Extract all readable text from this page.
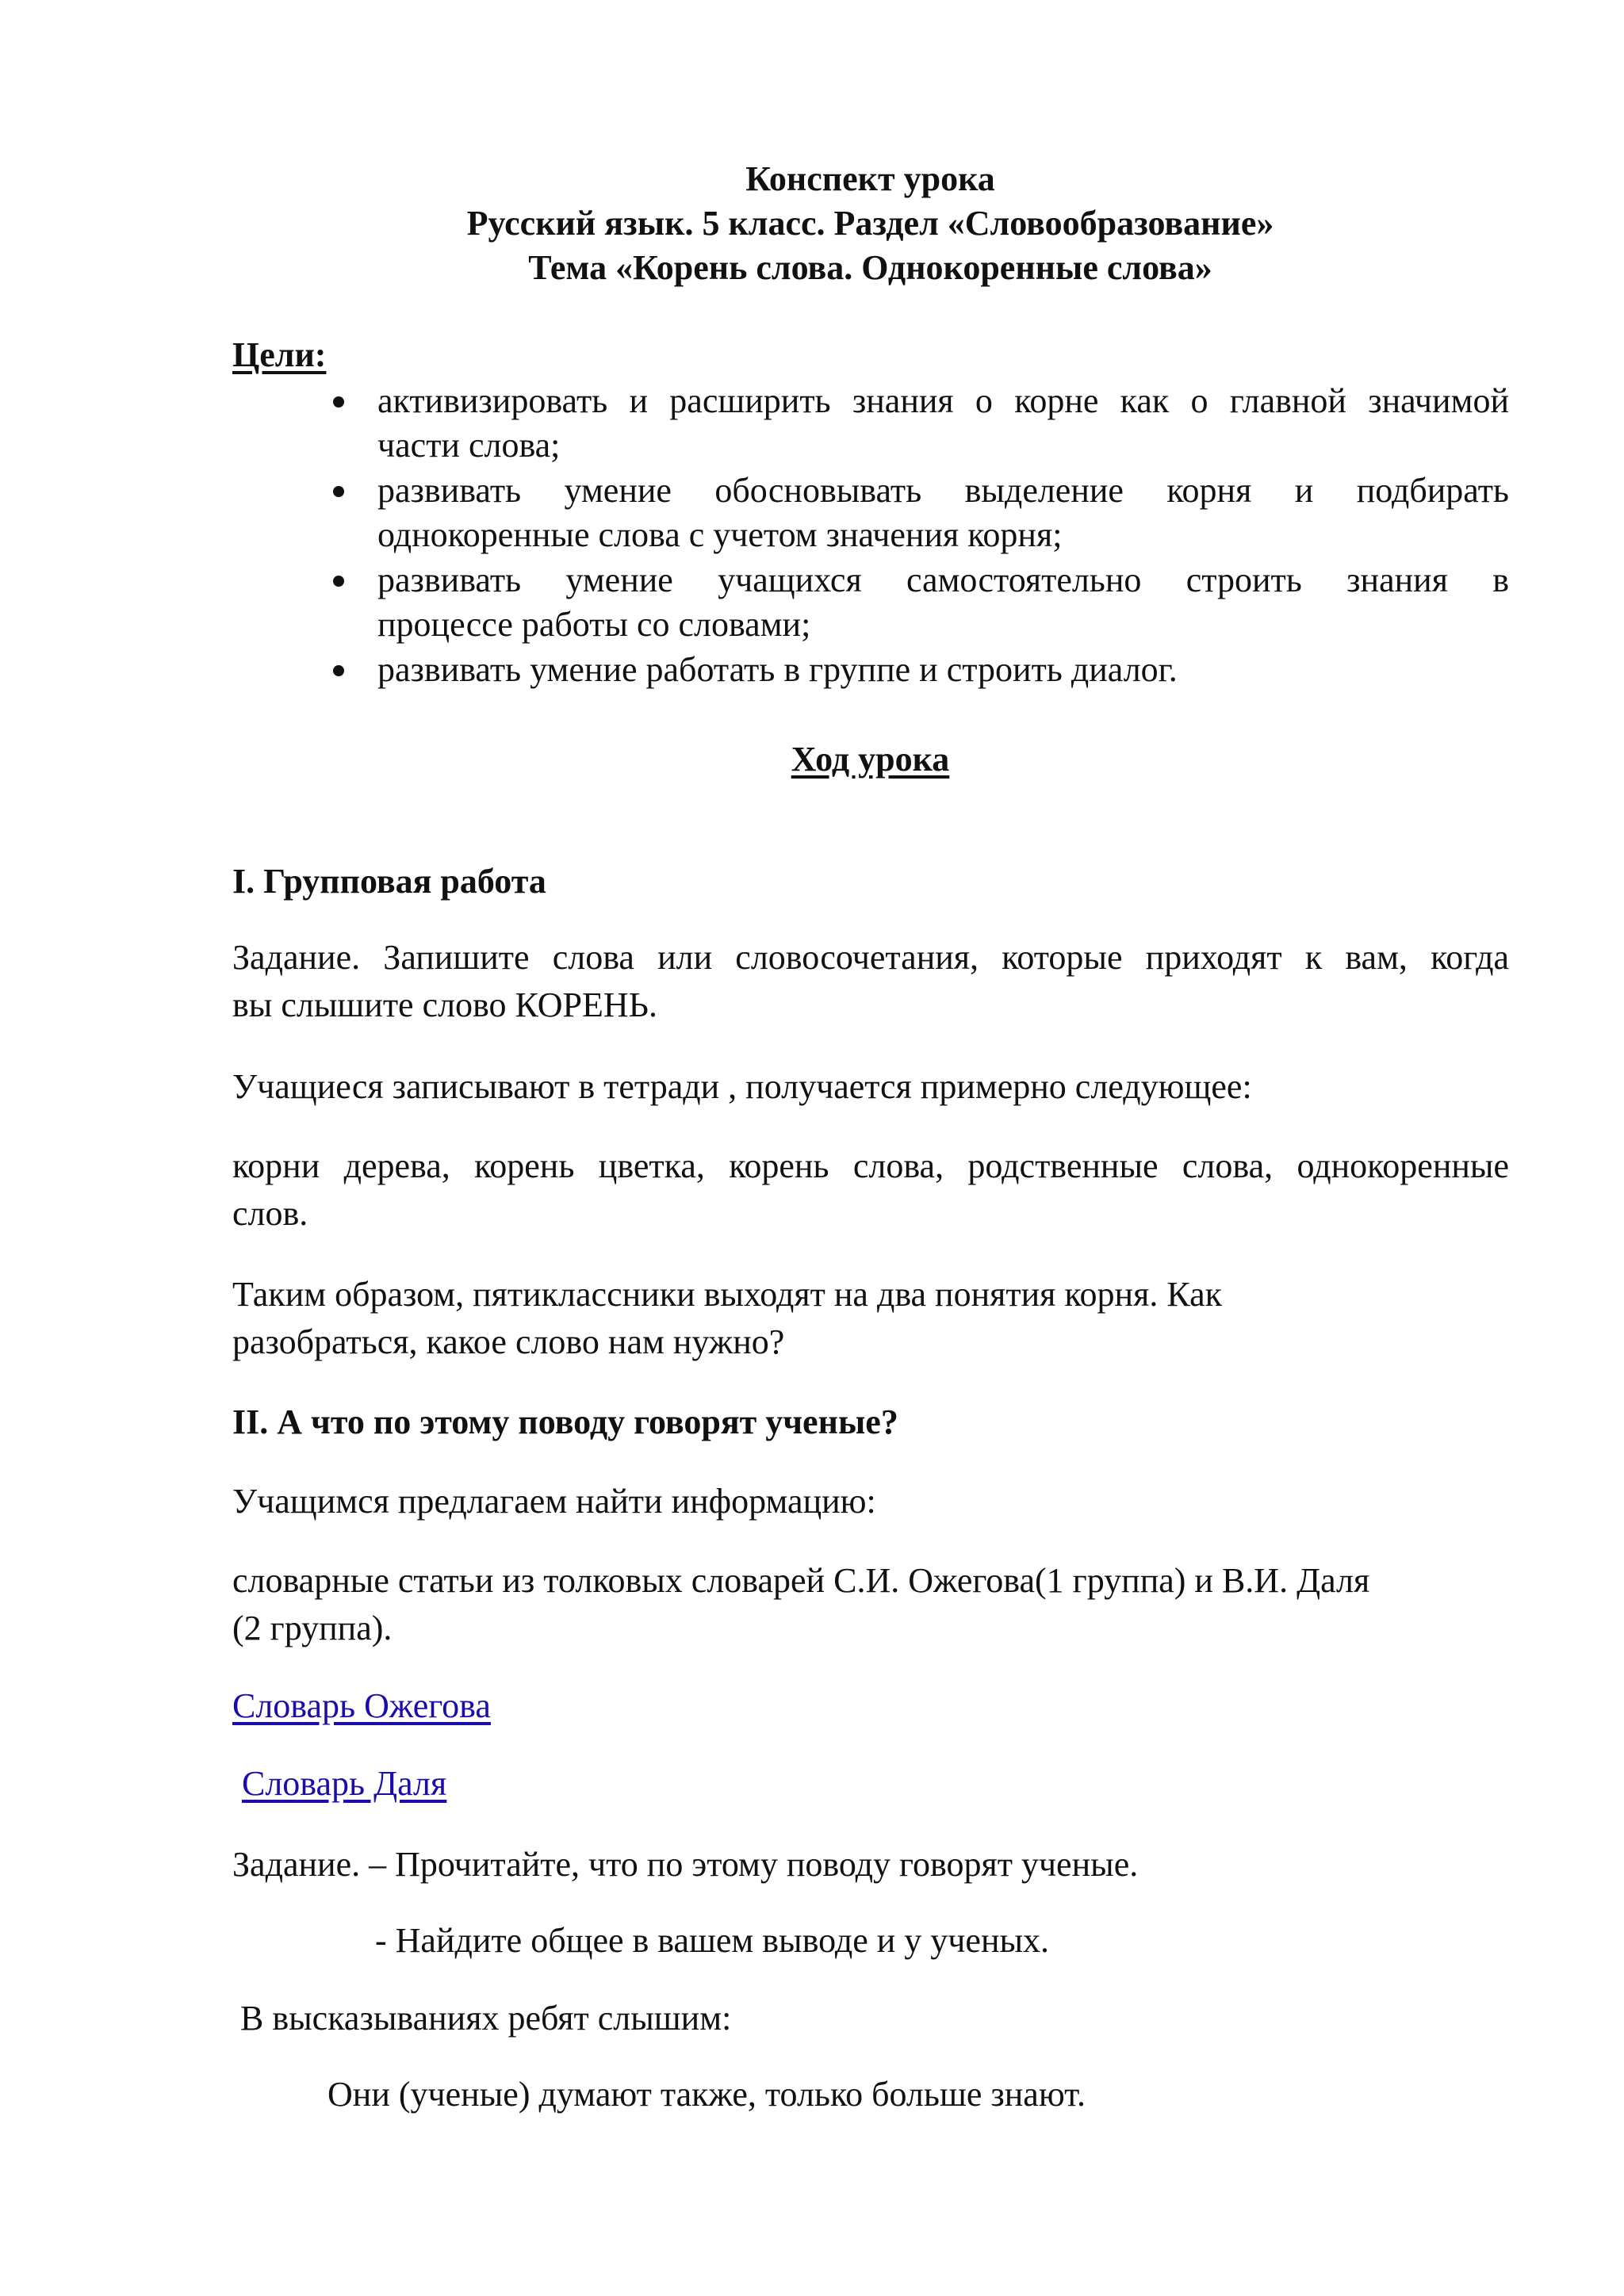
Конспект урока
Русский язык. 5 класс. Раздел «Словообразование»
Тема «Корень слова. Однокоренные слова»
Цели:
активизировать и расширить знания о корне как о главной значимой
части слова;
развивать умение обосновывать выделение корня и подбирать
однокоренные слова с учетом значения корня;
развивать умение учащихся самостоятельно строить знания в
процессе работы со словами;
развивать умение работать в группе и строить диалог.
Ход урока
I. Групповая работа
Задание. Запишите слова или словосочетания, которые приходят к вам, когда
вы слышите слово КОРЕНЬ.
Учащиеся записывают в тетради , получается примерно следующее:
корни дерева, корень цветка, корень слова, родственные слова, однокоренные
слов.
Таким образом, пятиклассники выходят на два понятия корня. Как
разобраться, какое слово нам нужно?
II. А что по этому поводу говорят ученые?
Учащимся предлагаем найти информацию:
словарные статьи из толковых словарей С.И. Ожегова(1 группа) и В.И. Даля
(2 группа).
Словарь Ожегова
Словарь Даля
Задание. – Прочитайте, что по этому поводу говорят ученые.
- Найдите общее в вашем выводе и у ученых.
В высказываниях ребят слышим:
Они (ученые) думают также, только больше знают.
